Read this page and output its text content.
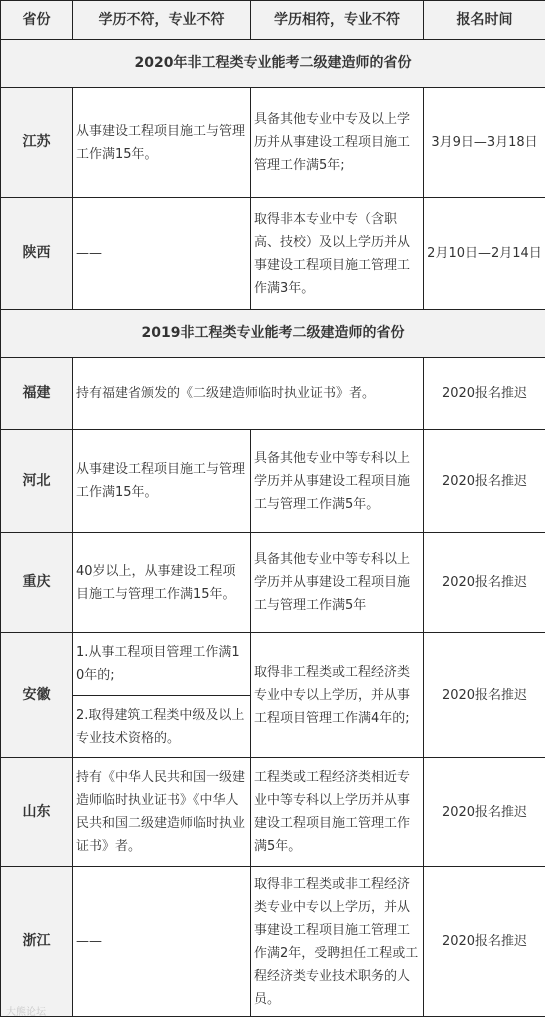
省份	学历不符，专业不符	学历相符，专业不符	报名时间
2020年非工程类专业能考二级建造师的省份			
江苏	从事建设工程项目施工与管理工作满15年。	具备其他专业中专及以上学历并从事建设工程项目施工管理工作满5年;	3月9日—3月18日
陕西	——	取得非本专业中专（含职高、技校）及以上学历并从事建设工程项目施工管理工作满3年。	2月10日—2月14日
2019非工程类专业能考二级建造师的省份			
福建	持有福建省颁发的《二级建造师临时执业证书》者。		2020报名推迟
河北	从事建设工程项目施工与管理工作满15年。	具备其他专业中等专科以上学历并从事建设工程项目施工与管理工作满5年。	2020报名推迟
重庆	40岁以上，从事建设工程项目施工与管理工作满15年。	具备其他专业中等专科以上学历并从事建设工程项目施工与管理工作满5年	2020报名推迟
安徽	1.从事工程项目管理工作满10年的;	取得非工程类或工程经济类专业中专以上学历，并从事工程项目管理工作满4年的;	2020报名推迟
	2.取得建筑工程类中级及以上专业技术资格的。		
山东	持有《中华人民共和国一级建造师临时执业证书》《中华人民共和国二级建造师临时执业证书》者。	工程类或工程经济类相近专业中等专科以上学历并从事建设工程项目施工管理工作满5年。	2020报名推迟
浙江	——	取得非工程类或非工程经济类专业中专以上学历，并从事建设工程项目施工管理工作满2年，受聘担任工程或工程经济类专业技术职务的人员。	2020报名推迟
大熊论坛
